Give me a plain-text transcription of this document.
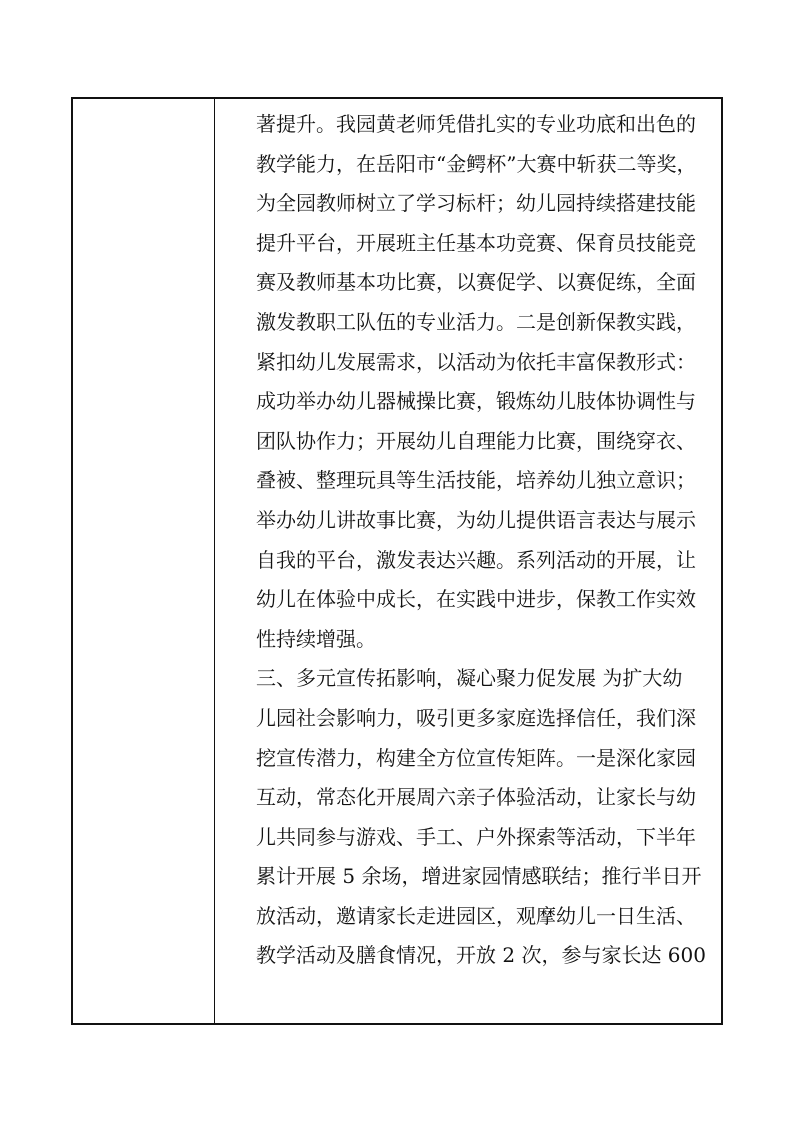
著提升。我园黄老师凭借扎实的专业功底和出色的
教学能力，在岳阳市“金鳄杯”大赛中斩获二等奖，
为全园教师树立了学习标杆；幼儿园持续搭建技能
提升平台，开展班主任基本功竞赛、保育员技能竞
赛及教师基本功比赛，以赛促学、以赛促练，全面
激发教职工队伍的专业活力。二是创新保教实践，
紧扣幼儿发展需求，以活动为依托丰富保教形式：
成功举办幼儿器械操比赛，锻炼幼儿肢体协调性与
团队协作力；开展幼儿自理能力比赛，围绕穿衣、
叠被、整理玩具等生活技能，培养幼儿独立意识；
举办幼儿讲故事比赛，为幼儿提供语言表达与展示
自我的平台，激发表达兴趣。系列活动的开展，让
幼儿在体验中成长，在实践中进步，保教工作实效
性持续增强。
三、多元宣传拓影响，凝心聚力促发展 为扩大幼
儿园社会影响力，吸引更多家庭选择信任，我们深
挖宣传潜力，构建全方位宣传矩阵。一是深化家园
互动，常态化开展周六亲子体验活动，让家长与幼
儿共同参与游戏、手工、户外探索等活动，下半年
累计开展 5 余场，增进家园情感联结；推行半日开
放活动，邀请家长走进园区，观摩幼儿一日生活、
教学活动及膳食情况，开放 2 次，参与家长达 600
